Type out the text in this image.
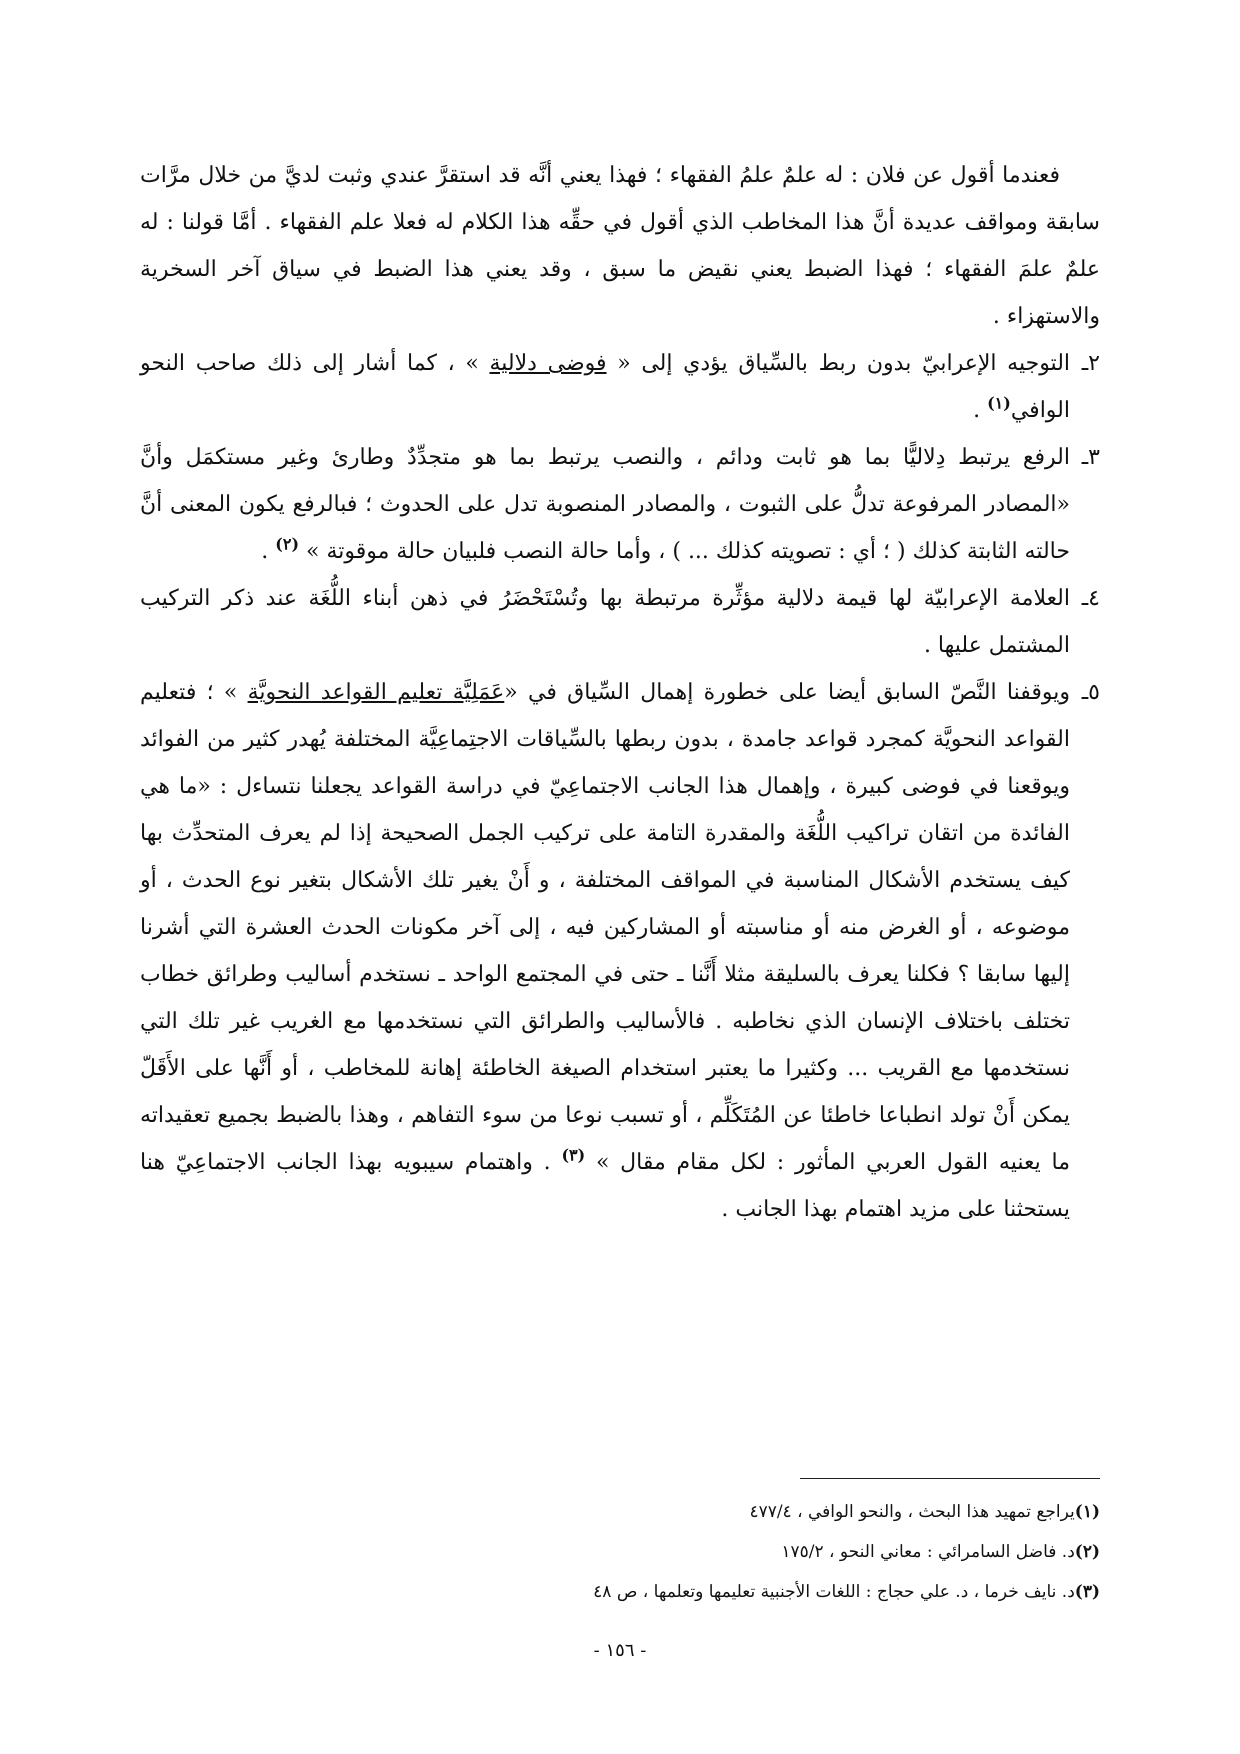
فعندما أقول عن فلان : له علمٌ علمُ الفقهاء ؛ فهذا يعني أنَّه قد استقرَّ عندي وثبت لديَّ من خلال مرَّات سابقة ومواقف عديدة أنَّ هذا المخاطب الذي أقول في حقِّه هذا الكلام له فعلا علم الفقهاء . أمَّا قولنا : له علمٌ علمَ الفقهاء ؛ فهذا الضبط يعني نقيض ما سبق ، وقد يعني هذا الضبط في سياق آخر السخرية والاستهزاء .

٢ـ
التوجيه الإعرابيّ بدون ربط بالسِّياق يؤدي إلى « فوضى دلالية » ، كما أشار إلى ذلك صاحب النحو الوافي$^{(١)}$ .

٣ـ
الرفع يرتبط دِلاليًّا بما هو ثابت ودائم ، والنصب يرتبط بما هو متجدِّدٌ وطارئ وغير مستكمَل وأنَّ «المصادر المرفوعة تدلُّ على الثبوت ، والمصادر المنصوبة تدل على الحدوث ؛ فبالرفع يكون المعنى أنَّ حالته الثابتة كذلك ( ؛ أي : تصويته كذلك ... ) ، وأما حالة النصب فلبيان حالة موقوتة » $^{(٢)}$ .

٤ـ
العلامة الإعرابيّة لها قيمة دلالية مؤثِّرة مرتبطة بها وتُسْتَحْضَرُ في ذهن أبناء اللُّغَة عند ذكر التركيب المشتمل عليها .

٥ـ
ويوقفنا النَّصّ السابق أيضا على خطورة إهمال السِّياق في «عَمَلِيَّة تعليم القواعد النحويَّة » ؛ فتعليم القواعد النحويَّة كمجرد قواعد جامدة ، بدون ربطها بالسِّياقات الاجتِماعِيَّة المختلفة يُهدر كثير من الفوائد ويوقعنا في فوضى كبيرة ، وإهمال هذا الجانب الاجتماعِيّ في دراسة القواعد يجعلنا نتساءل : «ما هي الفائدة من اتقان تراكيب اللُّغَة والمقدرة التامة على تركيب الجمل الصحيحة إذا لم يعرف المتحدِّث بها كيف يستخدم الأشكال المناسبة في المواقف المختلفة ، و أَنْ يغير تلك الأشكال بتغير نوع الحدث ، أو موضوعه ، أو الغرض منه أو مناسبته أو المشاركين فيه ، إلى آخر مكونات الحدث العشرة التي أشرنا إليها سابقا ؟ فكلنا يعرف بالسليقة مثلا أَنَّنا ـ حتى في المجتمع الواحد ـ نستخدم أساليب وطرائق خطاب تختلف باختلاف الإنسان الذي نخاطبه . فالأساليب والطرائق التي نستخدمها مع الغريب غير تلك التي نستخدمها مع القريب ... وكثيرا ما يعتبر استخدام الصيغة الخاطئة إهانة للمخاطب ، أو أَنَّها على الأَقَلّ يمكن أَنْ تولد انطباعا خاطئا عن المُتَكَلِّم ، أو تسبب نوعا من سوء التفاهم ، وهذا بالضبط بجميع تعقيداته ما يعنيه القول العربي المأثور : لكل مقام مقال » $^{(٣)}$ . واهتمام سيبويه بهذا الجانب الاجتماعِيّ هنا يستحثنا على مزيد اهتمام بهذا الجانب .

(١)يراجع تمهيد هذا البحث ، والنحو الوافي ، ٤٧٧/٤

(٢)د. فاضل السامرائي : معاني النحو ، ١٧٥/٢

(٣)د. نايف خرما ، د. علي حجاج : اللغات الأجنبية تعليمها وتعلمها ، ص ٤٨

- ١٥٦ -
